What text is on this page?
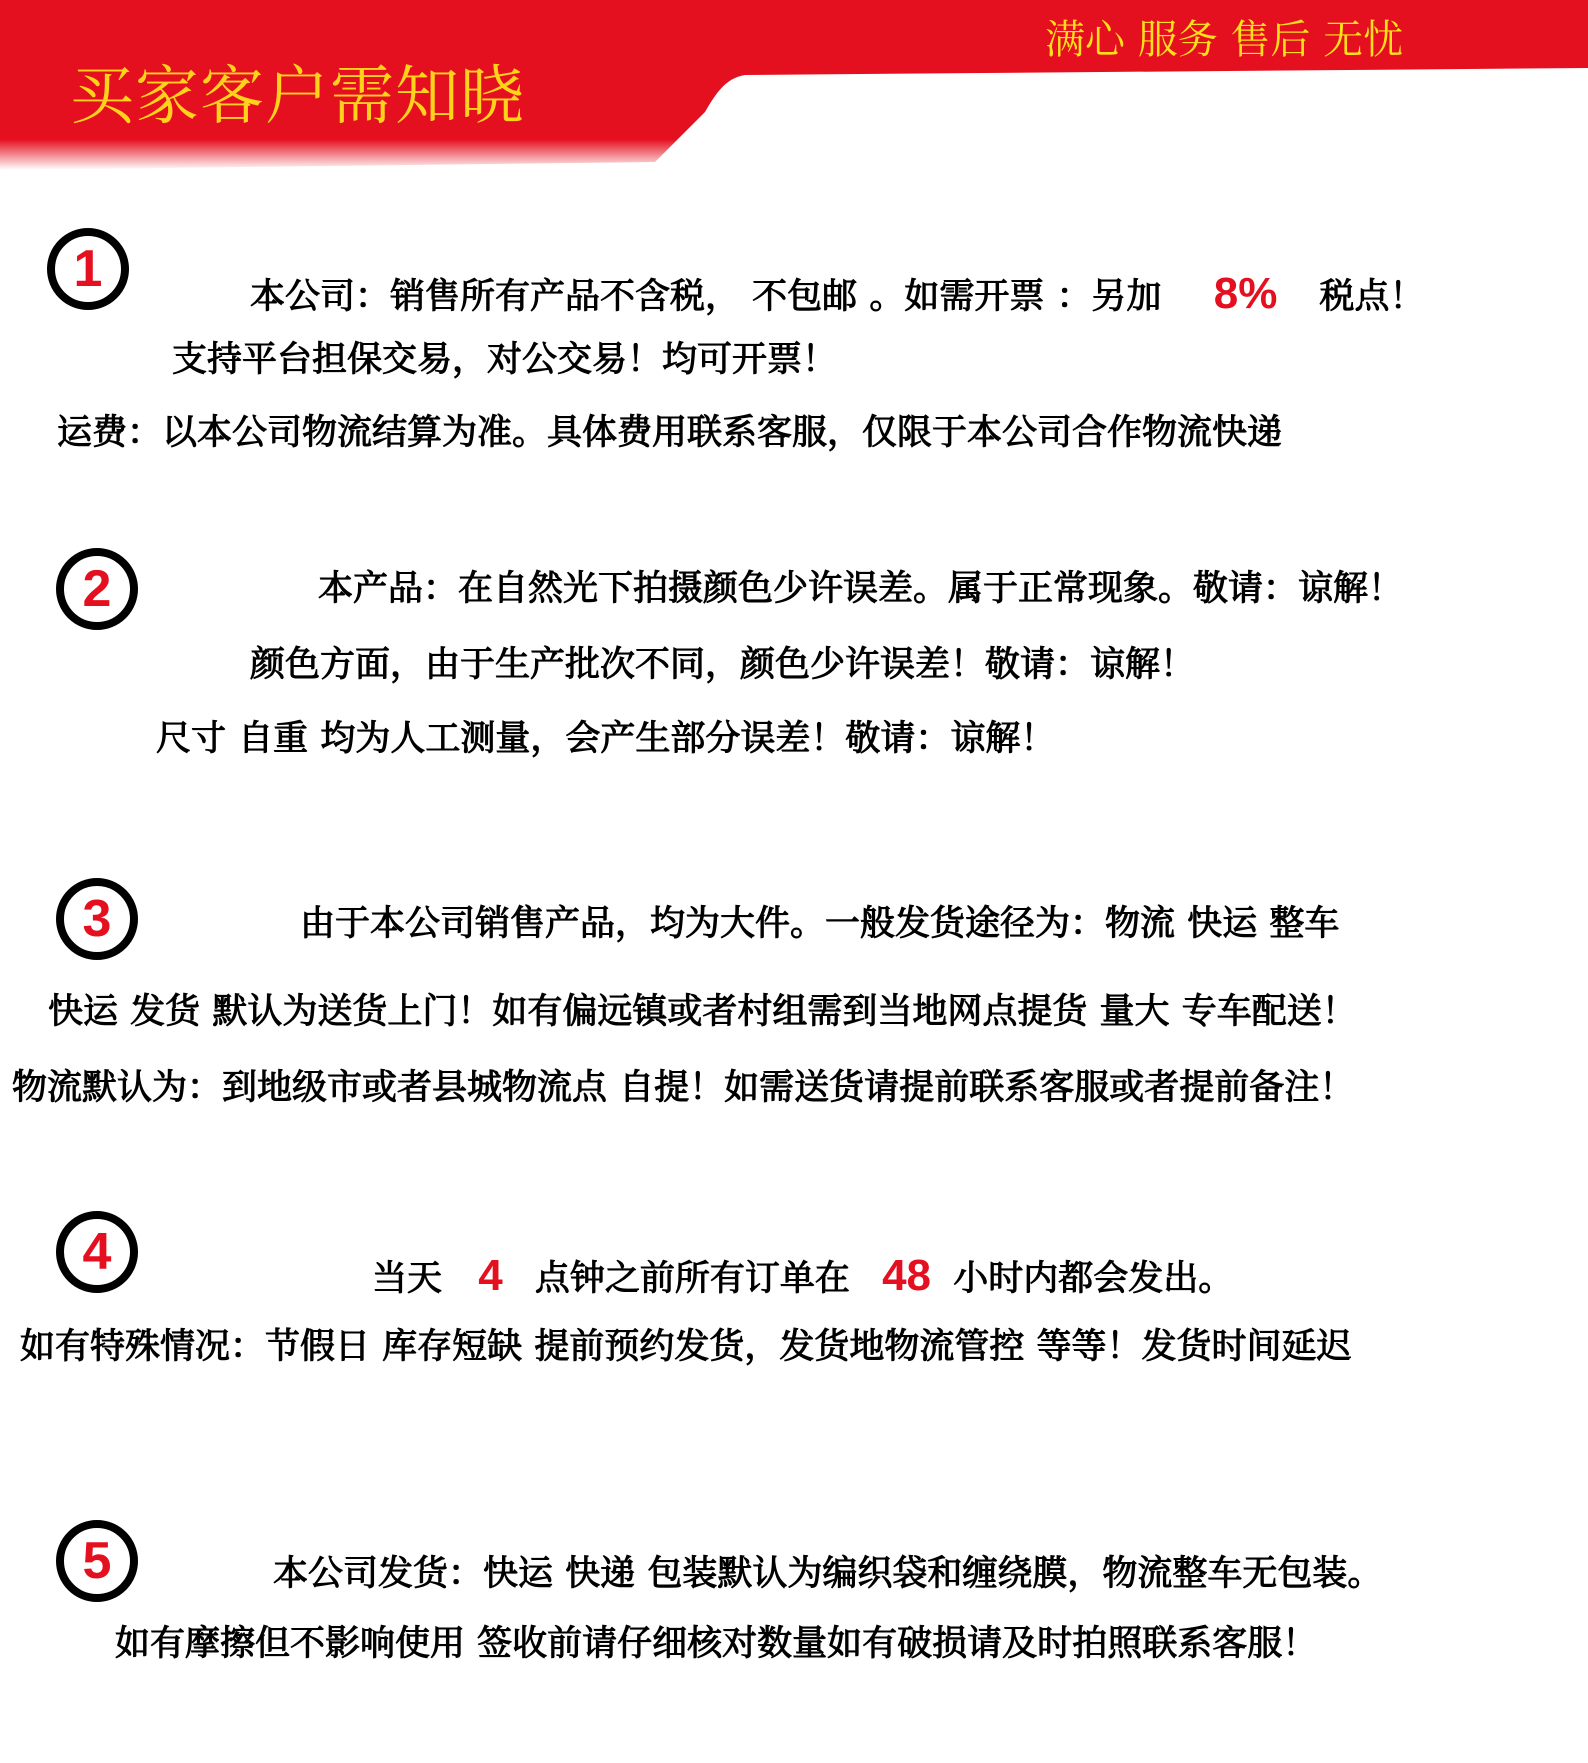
买家客户需知晓
满心 服务 售后 无忧
1	本公司：销售所有产品不含税， 不包邮 。如需开票 ：另加 8% 税点！
支持平台担保交易，对公交易！均可开票！
运费：以本公司物流结算为准。具体费用联系客服，仅限于本公司合作物流快递
2	本产品：在自然光下拍摄颜色少许误差。属于正常现象。敬请：谅解！
颜色方面，由于生产批次不同，颜色少许误差！敬请：谅解！
尺寸 自重 均为人工测量，会产生部分误差！敬请：谅解！
3	由于本公司销售产品，均为大件。一般发货途径为：物流 快运 整车
快运 发货 默认为送货上门！如有偏远镇或者村组需到当地网点提货 量大 专车配送！
物流默认为：到地级市或者县城物流点 自提！如需送货请提前联系客服或者提前备注！
4	当天 4 点钟之前所有订单在 48 小时内都会发出。
如有特殊情况：节假日 库存短缺 提前预约发货，发货地物流管控 等等！发货时间延迟
5	本公司发货：快运 快递 包装默认为编织袋和缠绕膜，物流整车无包装。
如有摩擦但不影响使用 签收前请仔细核对数量如有破损请及时拍照联系客服！
